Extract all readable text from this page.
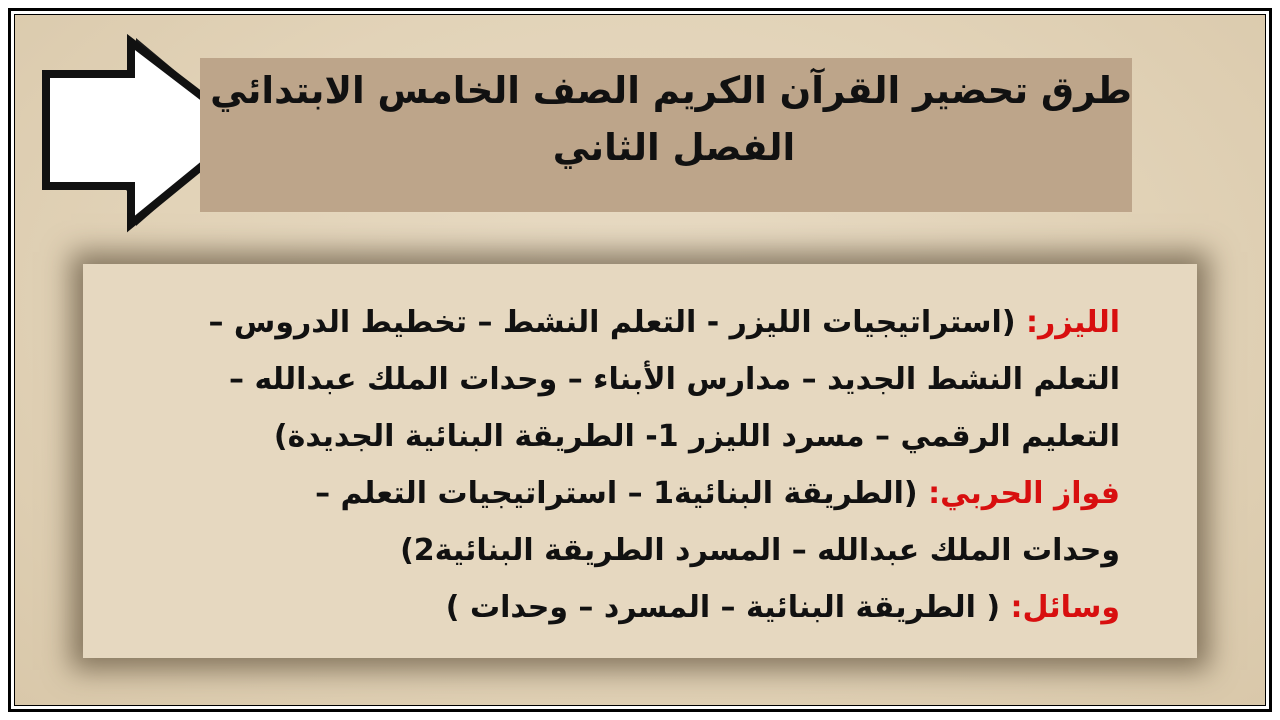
طرق تحضير القرآن الكريم الصف الخامس الابتدائي
الفصل الثاني
الليزر: (استراتيجيات الليزر - التعلم النشط – تخطيط الدروس –
التعلم النشط الجديد – مدارس الأبناء – وحدات الملك عبدالله –
التعليم الرقمي – مسرد الليزر 1- الطريقة البنائية الجديدة)
فواز الحربي: (الطريقة البنائية1 – استراتيجيات التعلم –
وحدات الملك عبدالله – المسرد الطريقة البنائية2)
وسائل: ( الطريقة البنائية – المسرد – وحدات )
